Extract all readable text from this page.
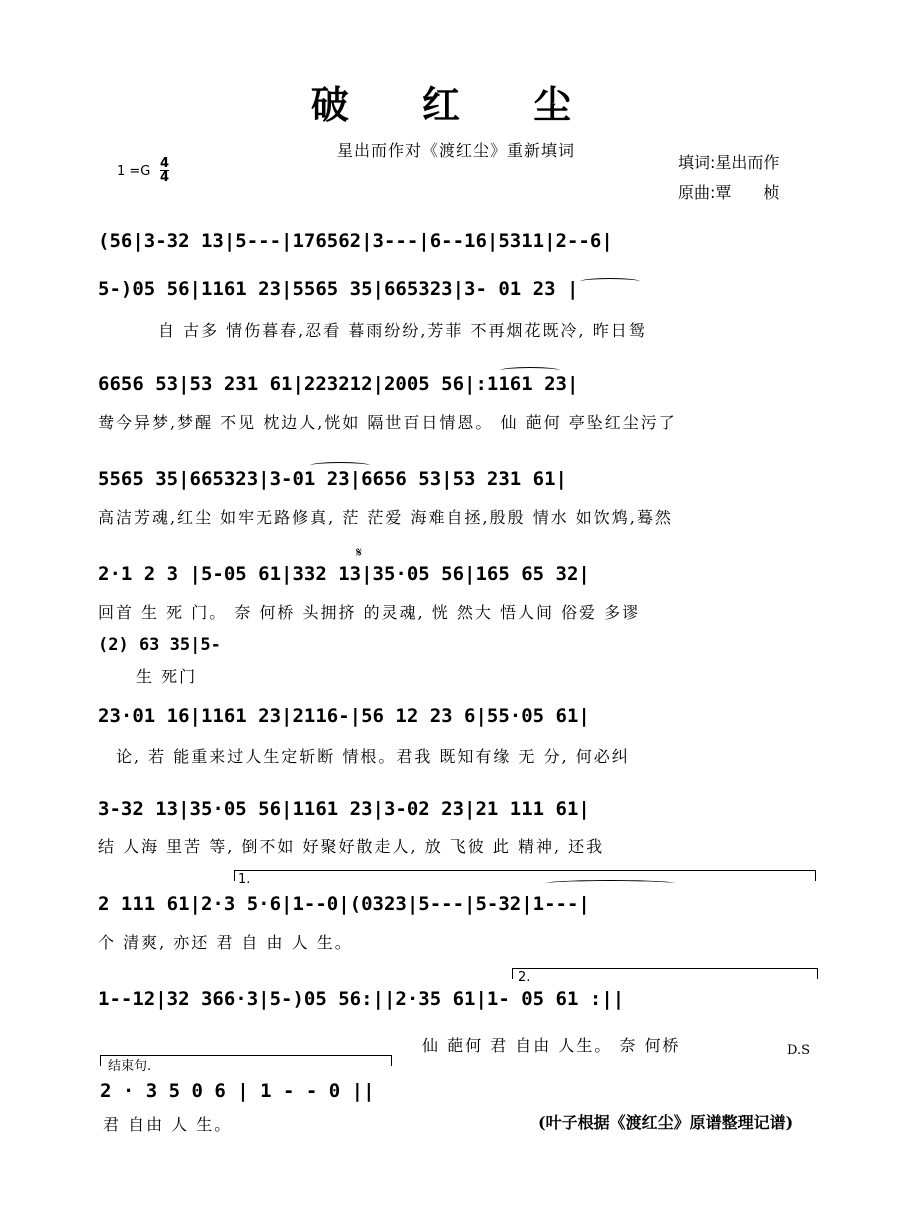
破 红 尘
星出而作对《渡红尘》重新填词
填词:星出而作
原曲:覃　　桢
1 =G
4
4
(56|3-32 13|5---|176562|3---|6--16|5311|2--6|
5-)05 56|1161 23|5565 35|665323|3- 01 23 |
自 古多 情伤暮春,忍看 暮雨纷纷,芳菲 不再烟花既冷, 昨日鸳
6656 53|53 231 61|223212|2005 56|:1161 23|
鸯今异梦,梦醒 不见 枕边人,恍如 隔世百日情恩。 仙 葩何 亭坠红尘污了
5565 35|665323|3-01 23|6656 53|53 231 61|
高洁芳魂,红尘 如牢无路修真, 茫 茫爱 海难自拯,殷殷 情水 如饮鸩,蓦然
𝄋
2·1 2 3 |5-05 61|332 13|35·05 56|165 65 32|
回首 生 死 门。 奈 何桥 头拥挤 的灵魂, 恍 然大 悟人间 俗爱 多谬
(2) 63 35|5-
生 死门
23·01 16|1161 23|2116-|56 12 23 6|55·05 61|
论, 若 能重来过人生定斩断 情根。君我 既知有缘 无 分, 何必纠
3-32 13|35·05 56|1161 23|3-02 23|21 111 61|
结 人海 里苦 等, 倒不如 好聚好散走人, 放 飞彼 此 精神, 还我
1.
2 111 61|2·3 5·6|1--0|(0323|5---|5-32|1---|
个 清爽, 亦还 君 自 由 人 生。
2.
1--12|32 366·3|5-)05 56:||2·35 61|1- 05 61 :||
仙 葩何 君 自由 人生。 奈 何桥	D.S
结束句.
2 · 3 5 0 6 | 1 - - 0 ||
君 自由 人 生。	(叶子根据《渡红尘》原谱整理记谱)
